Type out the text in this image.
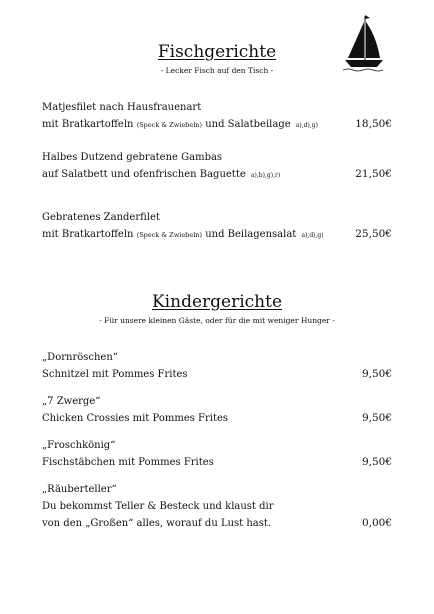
Fischgerichte
- Lecker Fisch auf den Tisch -
Matjesfilet nach Hausfrauenart
mit Bratkartoffeln (Speck & Zwiebeln) und Salatbeilage a),d),g)	18,50€
Halbes Dutzend gebratene Gambas
auf Salatbett und ofenfrischen Baguette a),b),g),r)	21,50€
Gebratenes Zanderfilet
mit Bratkartoffeln (Speck & Zwiebeln) und Beilagensalat a),d),g)	25,50€
Kindergerichte
- Für unsere kleinen Gäste, oder für die mit weniger Hunger -
„Dornröschen“
Schnitzel mit Pommes Frites	9,50€
„7 Zwerge“
Chicken Crossies mit Pommes Frites	9,50€
„Froschkönig“
Fischstäbchen mit Pommes Frites	9,50€
„Räuberteller“
Du bekommst Teller & Besteck und klaust dir
von den „Großen“ alles, worauf du Lust hast.	0,00€
